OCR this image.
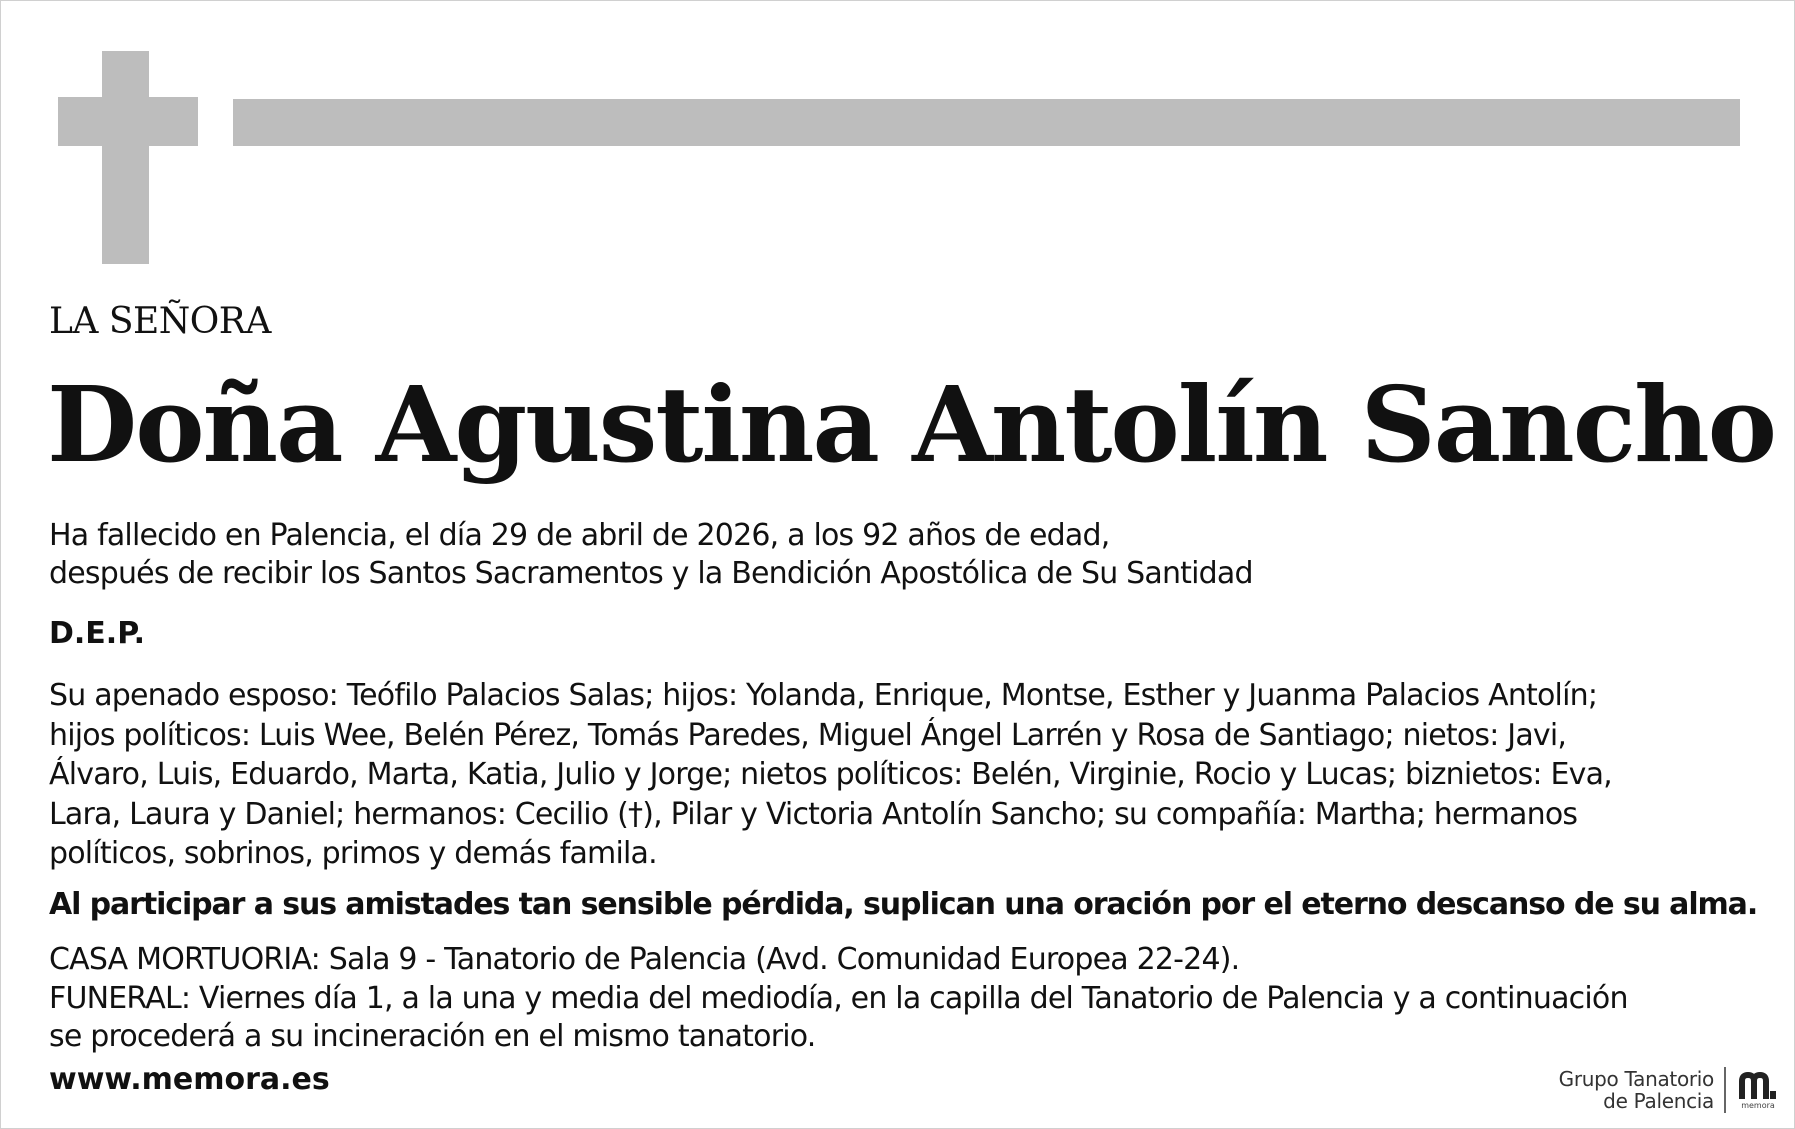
LA SEÑORA
Doña Agustina Antolín Sancho
Ha fallecido en Palencia, el día 29 de abril de 2026, a los 92 años de edad,
después de recibir los Santos Sacramentos y la Bendición Apostólica de Su Santidad
D.E.P.
Su apenado esposo: Teófilo Palacios Salas; hijos: Yolanda, Enrique, Montse, Esther y Juanma Palacios Antolín;
hijos políticos: Luis Wee, Belén Pérez, Tomás Paredes, Miguel Ángel Larrén y Rosa de Santiago; nietos: Javi,
Álvaro, Luis, Eduardo, Marta, Katia, Julio y Jorge; nietos políticos: Belén, Virginie, Rocio y Lucas; biznietos: Eva,
Lara, Laura y Daniel; hermanos: Cecilio (†), Pilar y Victoria Antolín Sancho; su compañía: Martha; hermanos
políticos, sobrinos, primos y demás famila.
Al participar a sus amistades tan sensible pérdida, suplican una oración por el eterno descanso de su alma.
CASA MORTUORIA: Sala 9 - Tanatorio de Palencia (Avd. Comunidad Europea 22-24).
FUNERAL: Viernes día 1, a la una y media del mediodía, en la capilla del Tanatorio de Palencia y a continuación
se procederá a su incineración en el mismo tanatorio.
www.memora.es	Grupo Tanatorio
de Palencia	memora
